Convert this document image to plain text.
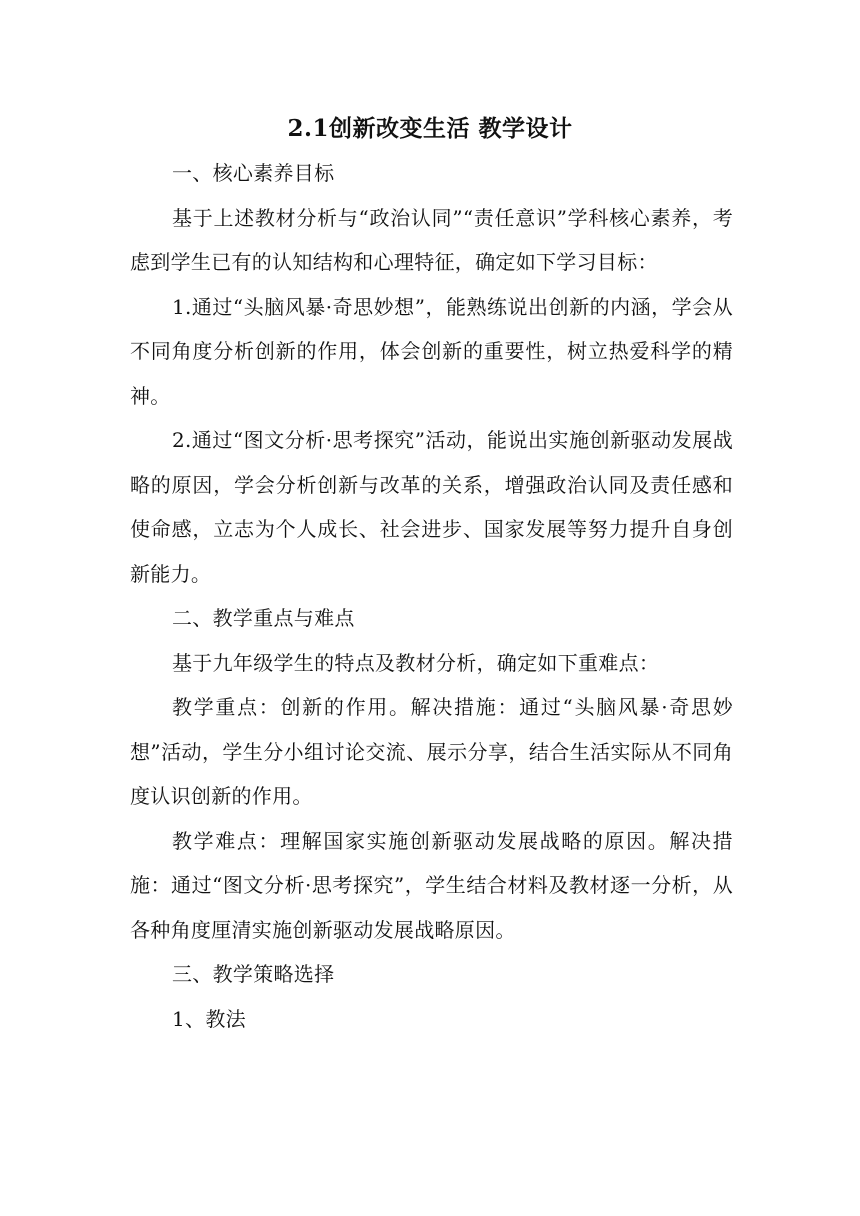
2.1创新改变生活 教学设计

一、核心素养目标

基于上述教材分析与“政治认同”“责任意识”学科核心素养，考虑到学生已有的认知结构和心理特征，确定如下学习目标：

1.通过“头脑风暴·奇思妙想”，能熟练说出创新的内涵，学会从不同角度分析创新的作用，体会创新的重要性，树立热爱科学的精神。

2.通过“图文分析·思考探究”活动，能说出实施创新驱动发展战略的原因，学会分析创新与改革的关系，增强政治认同及责任感和使命感，立志为个人成长、社会进步、国家发展等努力提升自身创新能力。

二、教学重点与难点

基于九年级学生的特点及教材分析，确定如下重难点：

教学重点：创新的作用。解决措施：通过“头脑风暴·奇思妙想”活动，学生分小组讨论交流、展示分享，结合生活实际从不同角度认识创新的作用。

教学难点：理解国家实施创新驱动发展战略的原因。解决措施：通过“图文分析·思考探究”，学生结合材料及教材逐一分析，从各种角度厘清实施创新驱动发展战略原因。

三、教学策略选择

1、教法
